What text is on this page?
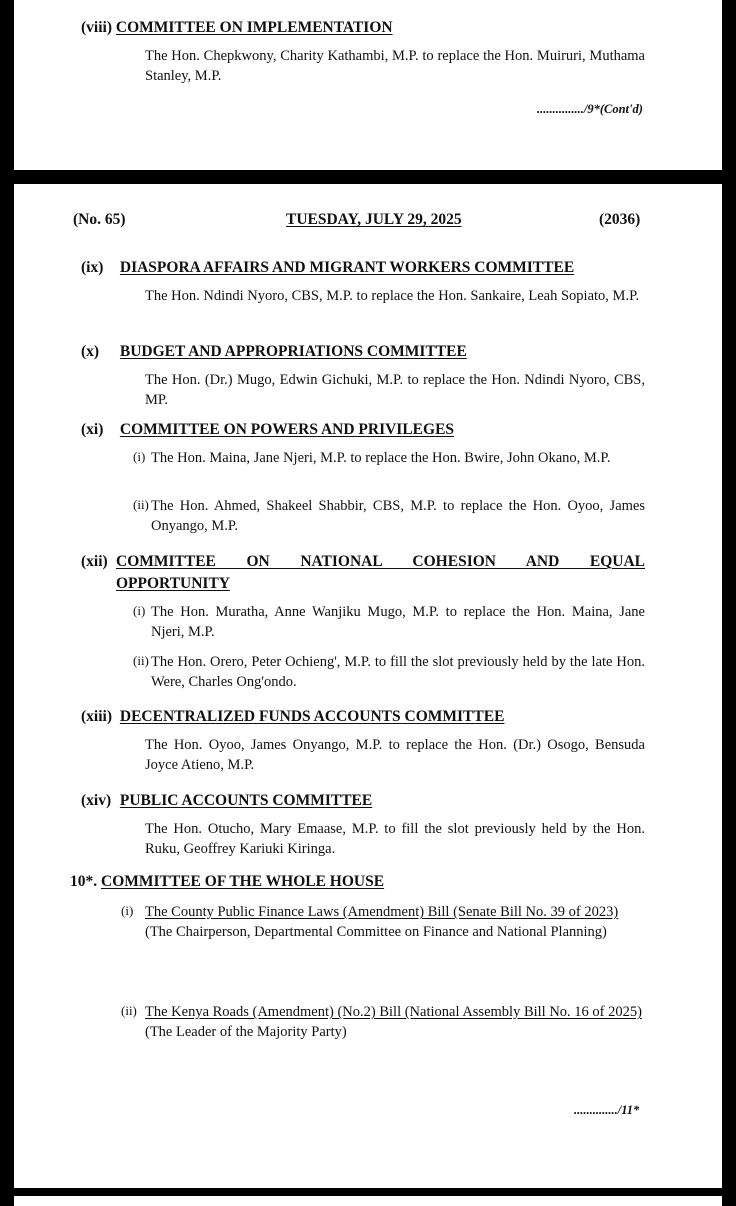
(viii) COMMITTEE ON IMPLEMENTATION
The Hon. Chepkwony, Charity Kathambi, M.P. to replace the Hon. Muiruri, Muthama Stanley, M.P.
.............../9*(Cont'd)
(No. 65)	TUESDAY, JULY 29, 2025	(2036)
(ix) DIASPORA AFFAIRS AND MIGRANT WORKERS COMMITTEE
The Hon. Ndindi Nyoro, CBS, M.P. to replace the Hon. Sankaire, Leah Sopiato, M.P.
(x) BUDGET AND APPROPRIATIONS COMMITTEE
The Hon. (Dr.) Mugo, Edwin Gichuki, M.P. to replace the Hon. Ndindi Nyoro, CBS, MP.
(xi) COMMITTEE ON POWERS AND PRIVILEGES
(i) The Hon. Maina, Jane Njeri, M.P. to replace the Hon. Bwire, John Okano, M.P.
(ii) The Hon. Ahmed, Shakeel Shabbir, CBS, M.P. to replace the Hon. Oyoo, James Onyango, M.P.
(xii) COMMITTEE ON NATIONAL COHESION AND EQUAL
OPPORTUNITY
(i) The Hon. Muratha, Anne Wanjiku Mugo, M.P. to replace the Hon. Maina, Jane Njeri, M.P.
(ii) The Hon. Orero, Peter Ochieng', M.P. to fill the slot previously held by the late Hon. Were, Charles Ong'ondo.
(xiii) DECENTRALIZED FUNDS ACCOUNTS COMMITTEE
The Hon. Oyoo, James Onyango, M.P. to replace the Hon. (Dr.) Osogo, Bensuda Joyce Atieno, M.P.
(xiv) PUBLIC ACCOUNTS COMMITTEE
The Hon. Otucho, Mary Emaase, M.P. to fill the slot previously held by the Hon. Ruku, Geoffrey Kariuki Kiringa.
10*. COMMITTEE OF THE WHOLE HOUSE
(i) The County Public Finance Laws (Amendment) Bill (Senate Bill No. 39 of 2023)
(The Chairperson, Departmental Committee on Finance and National Planning)
(ii) The Kenya Roads (Amendment) (No.2) Bill (National Assembly Bill No. 16 of 2025)
(The Leader of the Majority Party)
............../11*
